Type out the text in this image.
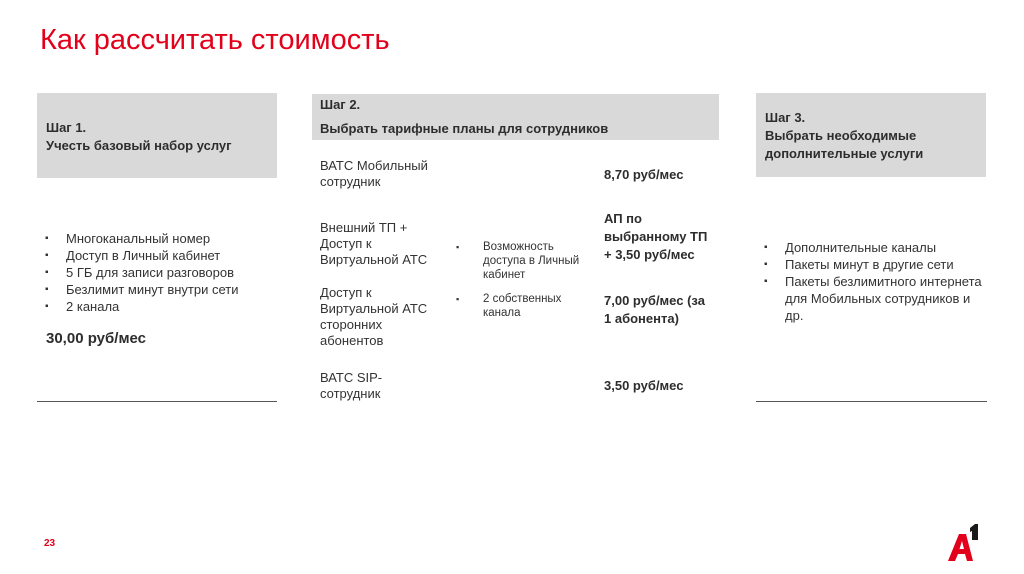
Как рассчитать стоимость
Шаг 1.
Учесть базовый набор услуг
▪ Многоканальный номер
▪ Доступ в Личный кабинет
▪ 5 ГБ для записи разговоров
▪ Безлимит минут внутри сети
▪ 2 канала
30,00 руб/мес
Шаг 2.
Выбрать тарифные планы для сотрудников
ВАТС Мобильный сотрудник
Внешний ТП + Доступ к Виртуальной АТС
Доступ к Виртуальной АТС сторонних абонентов
ВАТС SIP-сотрудник
▪ Возможность доступа в Личный кабинет
▪ 2 собственных канала
8,70 руб/мес
АП по выбранному ТП + 3,50 руб/мес
7,00 руб/мес (за 1 абонента)
3,50 руб/мес
Шаг 3.
Выбрать необходимые дополнительные услуги
▪ Дополнительные каналы
▪ Пакеты минут в другие сети
▪ Пакеты безлимитного интернета для Мобильных сотрудников и др.
23
